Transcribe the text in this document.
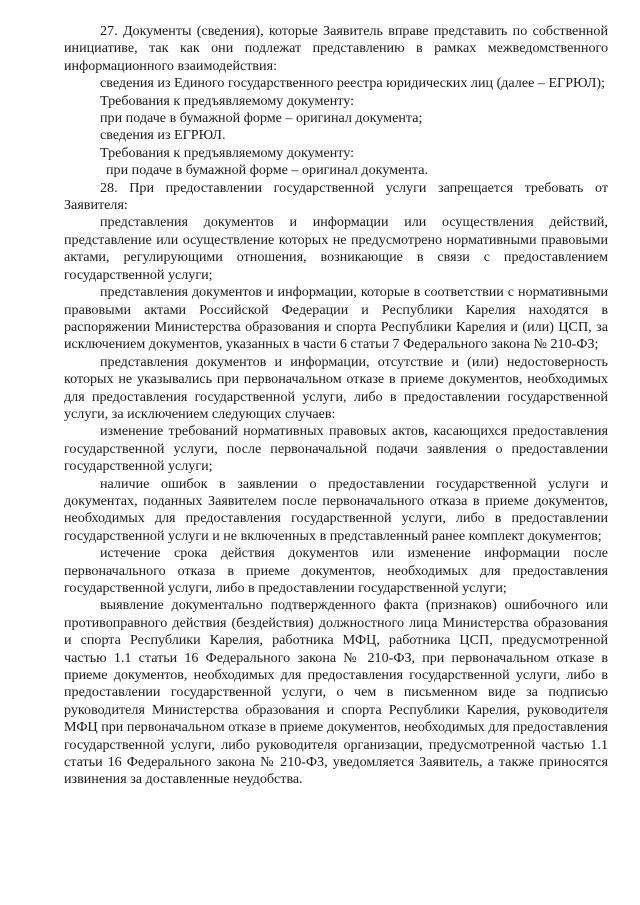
27. Документы (сведения), которые Заявитель вправе представить по собственной инициативе, так как они подлежат представлению в рамках межведомственного информационного взаимодействия:

сведения из Единого государственного реестра юридических лиц (далее – ЕГРЮЛ);

Требования к предъявляемому документу:

при подаче в бумажной форме – оригинал документа;

сведения из ЕГРЮЛ.

Требования к предъявляемому документу:

при подаче в бумажной форме – оригинал документа.

28. При предоставлении государственной услуги запрещается требовать от Заявителя:

представления документов и информации или осуществления действий, представление или осуществление которых не предусмотрено нормативными правовыми актами, регулирующими отношения, возникающие в связи с предоставлением государственной услуги;

представления документов и информации, которые в соответствии с нормативными правовыми актами Российской Федерации и Республики Карелия находятся в распоряжении Министерства образования и спорта Республики Карелия и (или) ЦСП, за исключением документов, указанных в части 6 статьи 7 Федерального закона № 210-ФЗ;

представления документов и информации, отсутствие и (или) недостоверность которых не указывались при первоначальном отказе в приеме документов, необходимых для предоставления государственной услуги, либо в предоставлении государственной услуги, за исключением следующих случаев:

изменение требований нормативных правовых актов, касающихся предоставления государственной услуги, после первоначальной подачи заявления о предоставлении государственной услуги;

наличие ошибок в заявлении о предоставлении государственной услуги и документах, поданных Заявителем после первоначального отказа в приеме документов, необходимых для предоставления государственной услуги, либо в предоставлении государственной услуги и не включенных в представленный ранее комплект документов;

истечение срока действия документов или изменение информации после первоначального отказа в приеме документов, необходимых для предоставления государственной услуги, либо в предоставлении государственной услуги;

выявление документально подтвержденного факта (признаков) ошибочного или противоправного действия (бездействия) должностного лица Министерства образования и спорта Республики Карелия, работника МФЦ, работника ЦСП, предусмотренной частью 1.1 статьи 16 Федерального закона № 210-ФЗ, при первоначальном отказе в приеме документов, необходимых для предоставления государственной услуги, либо в предоставлении государственной услуги, о чем в письменном виде за подписью руководителя Министерства образования и спорта Республики Карелия, руководителя МФЦ при первоначальном отказе в приеме документов, необходимых для предоставления государственной услуги, либо руководителя организации, предусмотренной частью 1.1 статьи 16 Федерального закона № 210-ФЗ, уведомляется Заявитель, а также приносятся извинения за доставленные неудобства.
